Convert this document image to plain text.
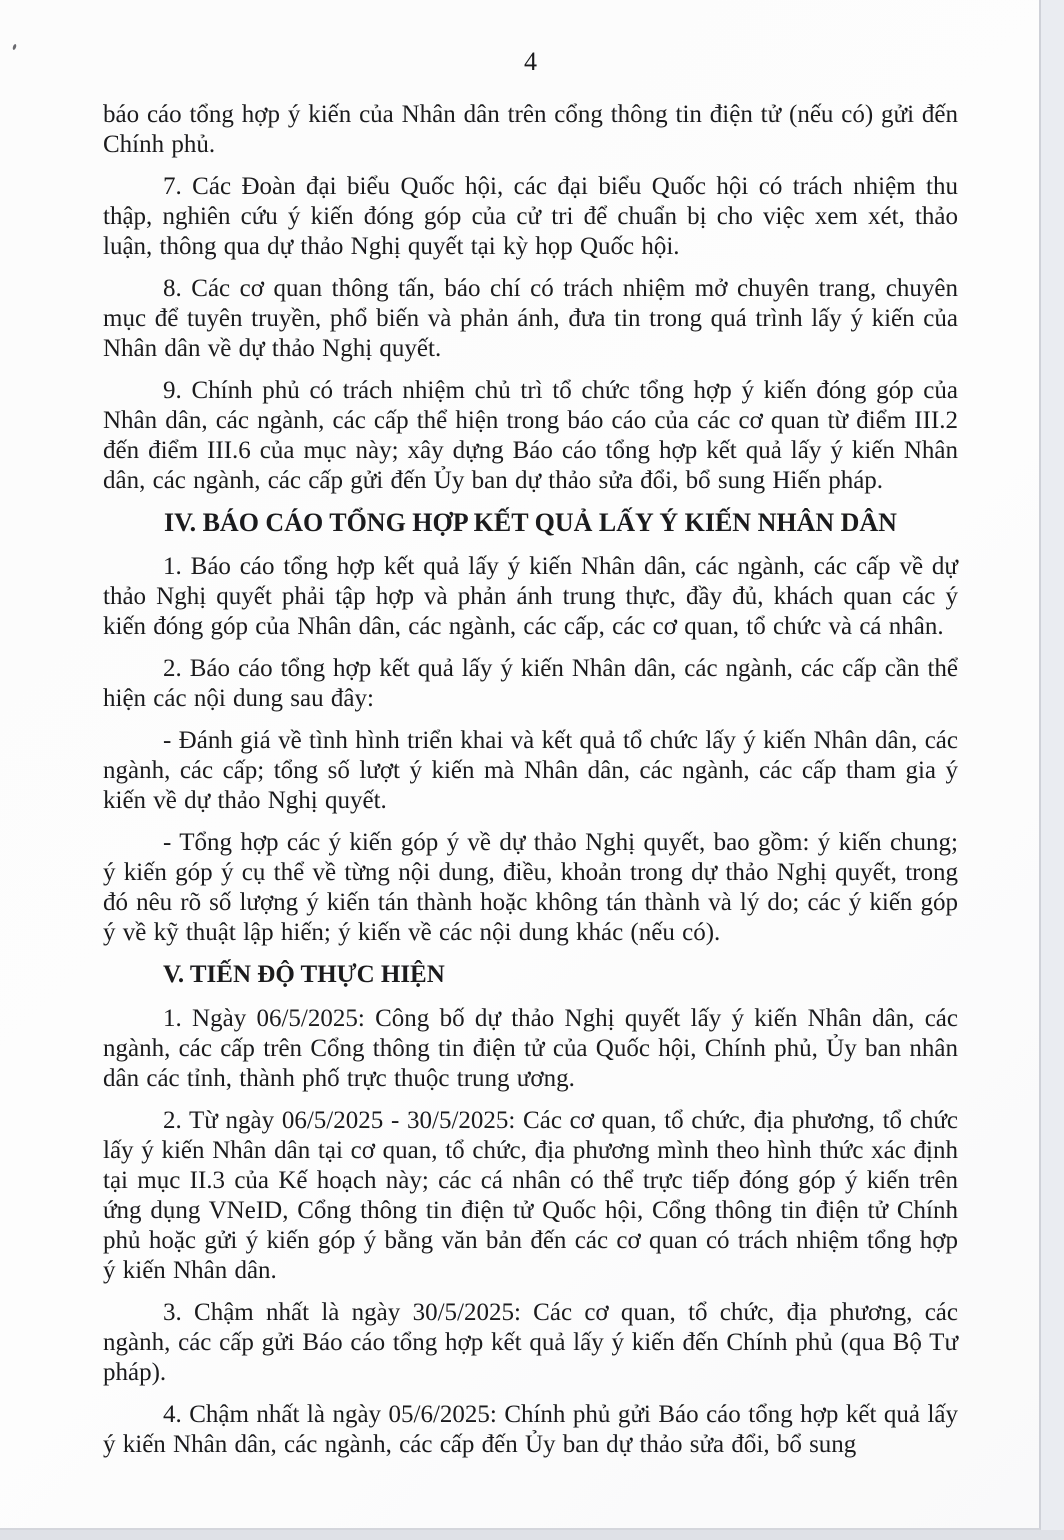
4

báo cáo tổng hợp ý kiến của Nhân dân trên cổng thông tin điện tử (nếu có) gửi đến Chính phủ.

7. Các Đoàn đại biểu Quốc hội, các đại biểu Quốc hội có trách nhiệm thu thập, nghiên cứu ý kiến đóng góp của cử tri để chuẩn bị cho việc xem xét, thảo luận, thông qua dự thảo Nghị quyết tại kỳ họp Quốc hội.

8. Các cơ quan thông tấn, báo chí có trách nhiệm mở chuyên trang, chuyên mục để tuyên truyền, phổ biến và phản ánh, đưa tin trong quá trình lấy ý kiến của Nhân dân về dự thảo Nghị quyết.

9. Chính phủ có trách nhiệm chủ trì tổ chức tổng hợp ý kiến đóng góp của Nhân dân, các ngành, các cấp thể hiện trong báo cáo của các cơ quan từ điểm III.2 đến điểm III.6 của mục này; xây dựng Báo cáo tổng hợp kết quả lấy ý kiến Nhân dân, các ngành, các cấp gửi đến Ủy ban dự thảo sửa đổi, bổ sung Hiến pháp.

IV. BÁO CÁO TỔNG HỢP KẾT QUẢ LẤY Ý KIẾN NHÂN DÂN

1. Báo cáo tổng hợp kết quả lấy ý kiến Nhân dân, các ngành, các cấp về dự thảo Nghị quyết phải tập hợp và phản ánh trung thực, đầy đủ, khách quan các ý kiến đóng góp của Nhân dân, các ngành, các cấp, các cơ quan, tổ chức và cá nhân.

2. Báo cáo tổng hợp kết quả lấy ý kiến Nhân dân, các ngành, các cấp cần thể hiện các nội dung sau đây:

- Đánh giá về tình hình triển khai và kết quả tổ chức lấy ý kiến Nhân dân, các ngành, các cấp; tổng số lượt ý kiến mà Nhân dân, các ngành, các cấp tham gia ý kiến về dự thảo Nghị quyết.

- Tổng hợp các ý kiến góp ý về dự thảo Nghị quyết, bao gồm: ý kiến chung; ý kiến góp ý cụ thể về từng nội dung, điều, khoản trong dự thảo Nghị quyết, trong đó nêu rõ số lượng ý kiến tán thành hoặc không tán thành và lý do; các ý kiến góp ý về kỹ thuật lập hiến; ý kiến về các nội dung khác (nếu có).

V. TIẾN ĐỘ THỰC HIỆN

1. Ngày 06/5/2025: Công bố dự thảo Nghị quyết lấy ý kiến Nhân dân, các ngành, các cấp trên Cổng thông tin điện tử của Quốc hội, Chính phủ, Ủy ban nhân dân các tỉnh, thành phố trực thuộc trung ương.

2. Từ ngày 06/5/2025 - 30/5/2025: Các cơ quan, tổ chức, địa phương, tổ chức lấy ý kiến Nhân dân tại cơ quan, tổ chức, địa phương mình theo hình thức xác định tại mục II.3 của Kế hoạch này; các cá nhân có thể trực tiếp đóng góp ý kiến trên ứng dụng VNeID, Cổng thông tin điện tử Quốc hội, Cổng thông tin điện tử Chính phủ hoặc gửi ý kiến góp ý bằng văn bản đến các cơ quan có trách nhiệm tổng hợp ý kiến Nhân dân.

3. Chậm nhất là ngày 30/5/2025: Các cơ quan, tổ chức, địa phương, các ngành, các cấp gửi Báo cáo tổng hợp kết quả lấy ý kiến đến Chính phủ (qua Bộ Tư pháp).

4. Chậm nhất là ngày 05/6/2025: Chính phủ gửi Báo cáo tổng hợp kết quả lấy ý kiến Nhân dân, các ngành, các cấp đến Ủy ban dự thảo sửa đổi, bổ sung
